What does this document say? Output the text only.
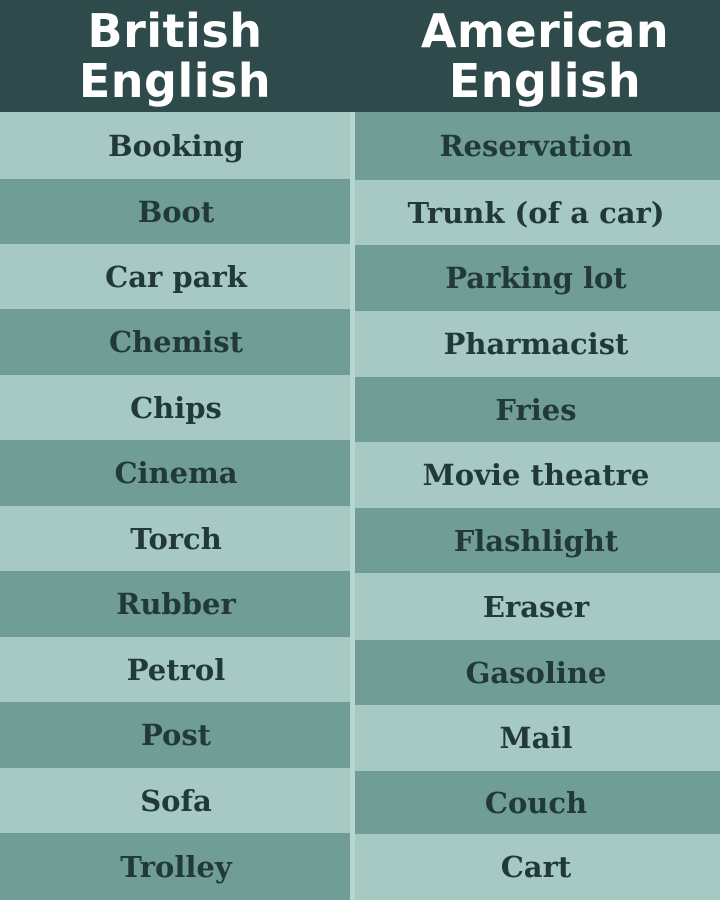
British
English
American
English
Booking
Boot
Car park
Chemist
Chips
Cinema
Torch
Rubber
Petrol
Post
Sofa
Trolley
Reservation
Trunk (of a car)
Parking lot
Pharmacist
Fries
Movie theatre
Flashlight
Eraser
Gasoline
Mail
Couch
Cart
